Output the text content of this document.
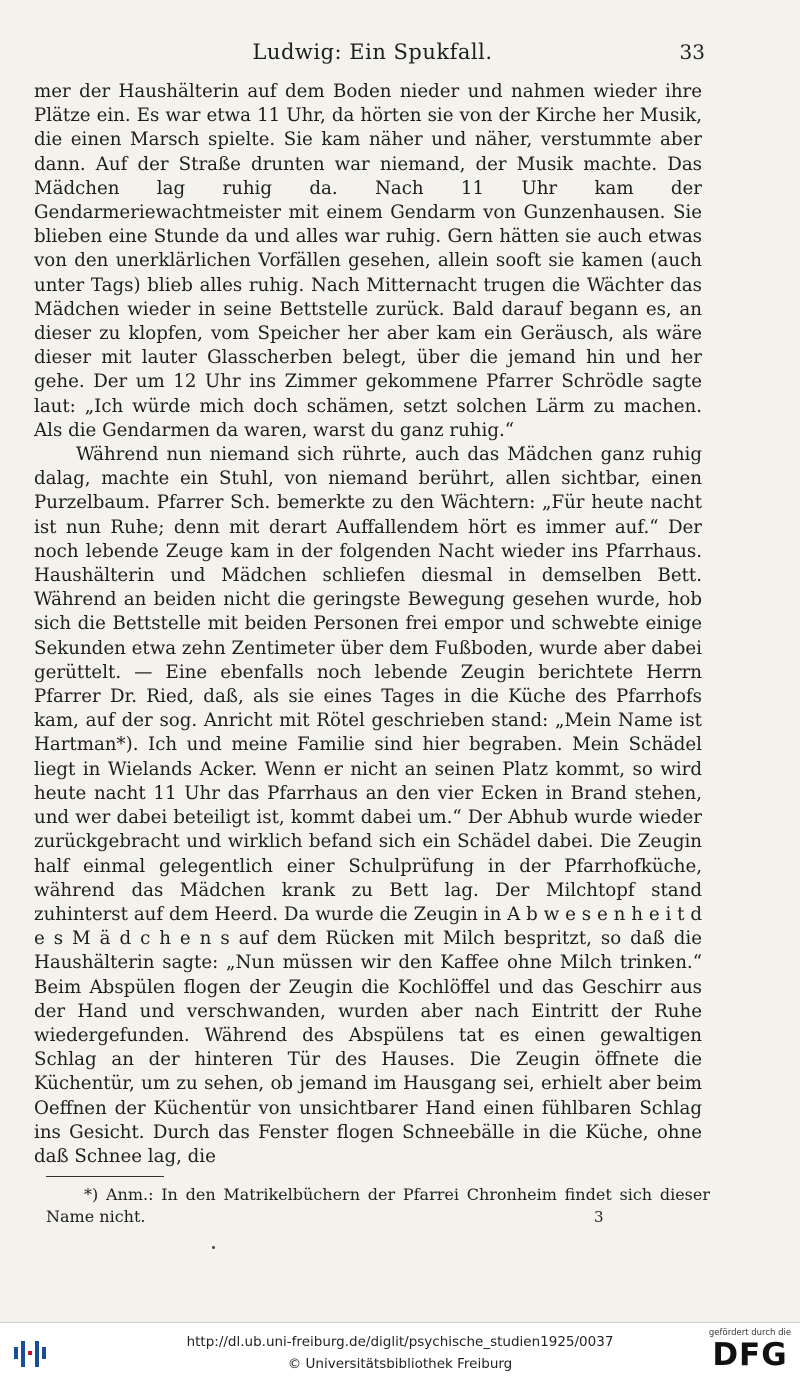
Ludwig: Ein Spukfall.	33

mer der Haushälterin auf dem Boden nieder und nahmen wieder ihre Plätze ein. Es war etwa 11 Uhr, da hörten sie von der Kirche her Musik, die einen Marsch spielte. Sie kam näher und näher, verstummte aber dann. Auf der Straße drunten war niemand, der Musik machte. Das Mädchen lag ruhig da. Nach 11 Uhr kam der Gendarmeriewachtmeister mit einem Gendarm von Gunzenhausen. Sie blieben eine Stunde da und alles war ruhig. Gern hätten sie auch etwas von den unerklärlichen Vorfällen gesehen, allein sooft sie kamen (auch unter Tags) blieb alles ruhig. Nach Mitternacht trugen die Wächter das Mädchen wieder in seine Bettstelle zurück. Bald darauf begann es, an dieser zu klopfen, vom Speicher her aber kam ein Geräusch, als wäre dieser mit lauter Glasscherben belegt, über die jemand hin und her gehe. Der um 12 Uhr ins Zimmer gekommene Pfarrer Schrödle sagte laut: „Ich würde mich doch schämen, setzt solchen Lärm zu machen. Als die Gendarmen da waren, warst du ganz ruhig.“

Während nun niemand sich rührte, auch das Mädchen ganz ruhig dalag, machte ein Stuhl, von niemand berührt, allen sichtbar, einen Purzelbaum. Pfarrer Sch. bemerkte zu den Wächtern: „Für heute nacht ist nun Ruhe; denn mit derart Auffallendem hört es immer auf.“ Der noch lebende Zeuge kam in der folgenden Nacht wieder ins Pfarrhaus. Haushälterin und Mädchen schliefen diesmal in demselben Bett. Während an beiden nicht die geringste Bewegung gesehen wurde, hob sich die Bettstelle mit beiden Personen frei empor und schwebte einige Sekunden etwa zehn Zentimeter über dem Fußboden, wurde aber dabei gerüttelt. — Eine ebenfalls noch lebende Zeugin berichtete Herrn Pfarrer Dr. Ried, daß, als sie eines Tages in die Küche des Pfarrhofs kam, auf der sog. Anricht mit Rötel geschrieben stand: „Mein Name ist Hartman*). Ich und meine Familie sind hier begraben. Mein Schädel liegt in Wielands Acker. Wenn er nicht an seinen Platz kommt, so wird heute nacht 11 Uhr das Pfarrhaus an den vier Ecken in Brand stehen, und wer dabei beteiligt ist, kommt dabei um.“ Der Abhub wurde wieder zurückgebracht und wirklich befand sich ein Schädel dabei. Die Zeugin half einmal gelegentlich einer Schulprüfung in der Pfarrhofküche, während das Mädchen krank zu Bett lag. Der Milchtopf stand zuhinterst auf dem Heerd. Da wurde die Zeugin in A b w e s e n h e i t d e s M ä d c h e n s auf dem Rücken mit Milch bespritzt, so daß die Haushälterin sagte: „Nun müssen wir den Kaffee ohne Milch trinken.“ Beim Abspülen flogen der Zeugin die Kochlöffel und das Geschirr aus der Hand und verschwanden, wurden aber nach Eintritt der Ruhe wiedergefunden. Während des Abspülens tat es einen gewaltigen Schlag an der hinteren Tür des Hauses. Die Zeugin öffnete die Küchentür, um zu sehen, ob jemand im Hausgang sei, erhielt aber beim Oeffnen der Küchentür von unsichtbarer Hand einen fühlbaren Schlag ins Gesicht. Durch das Fenster flogen Schneebälle in die Küche, ohne daß Schnee lag, die

*) Anm.: In den Matrikelbüchern der Pfarrei Chronheim findet sich dieser Name nicht.	3
http://dl.ub.uni-freiburg.de/diglit/psychische_studien1925/0037
© Universitätsbibliothek Freiburg
gefördert durch die
DFG
